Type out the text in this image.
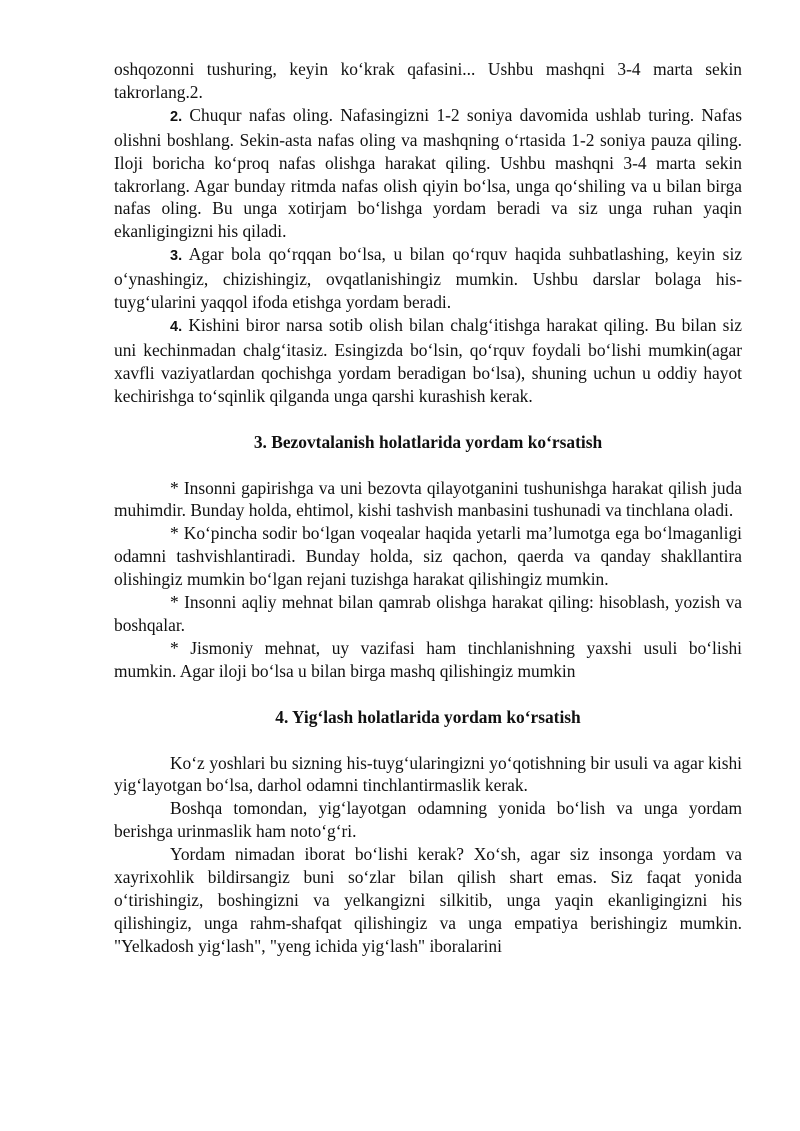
oshqozonni tushuring, keyin ko‘krak qafasini... Ushbu mashqni 3-4 marta sekin takrorlang.2.

2. Chuqur nafas oling. Nafasingizni 1-2 soniya davomida ushlab turing. Nafas olishni boshlang. Sekin-asta nafas oling va mashqning o‘rtasida 1-2 soniya pauza qiling. Iloji boricha ko‘proq nafas olishga harakat qiling. Ushbu mashqni 3-4 marta sekin takrorlang. Agar bunday ritmda nafas olish qiyin bo‘lsa, unga qo‘shiling va u bilan birga nafas oling. Bu unga xotirjam bo‘lishga yordam beradi va siz unga ruhan yaqin ekanligingizni his qiladi.

3. Agar bola qo‘rqqan bo‘lsa, u bilan qo‘rquv haqida suhbatlashing, keyin siz o‘ynashingiz, chizishingiz, ovqatlanishingiz mumkin. Ushbu darslar bolaga his-tuyg‘ularini yaqqol ifoda etishga yordam beradi.

4. Kishini biror narsa sotib olish bilan chalg‘itishga harakat qiling. Bu bilan siz uni kechinmadan chalg‘itasiz. Esingizda bo‘lsin, qo‘rquv foydali bo‘lishi mumkin(agar xavfli vaziyatlardan qochishga yordam beradigan bo‘lsa), shuning uchun u oddiy hayot kechirishga to‘sqinlik qilganda unga qarshi kurashish kerak.

3. Bezovtalanish holatlarida yordam ko‘rsatish

* Insonni gapirishga va uni bezovta qilayotganini tushunishga harakat qilish juda muhimdir. Bunday holda, ehtimol, kishi tashvish manbasini tushunadi va tinchlana oladi.

* Ko‘pincha sodir bo‘lgan voqealar haqida yetarli ma’lumotga ega bo‘lmaganligi odamni tashvishlantiradi. Bunday holda, siz qachon, qaerda va qanday shakllantira olishingiz mumkin bo‘lgan rejani tuzishga harakat qilishingiz mumkin.

* Insonni aqliy mehnat bilan qamrab olishga harakat qiling: hisoblash, yozish va boshqalar.

* Jismoniy mehnat, uy vazifasi ham tinchlanishning yaxshi usuli bo‘lishi mumkin. Agar iloji bo‘lsa u bilan birga mashq qilishingiz mumkin

4. Yig‘lash holatlarida yordam ko‘rsatish

Ko‘z yoshlari bu sizning his-tuyg‘ularingizni yo‘qotishning bir usuli va agar kishi yig‘layotgan bo‘lsa, darhol odamni tinchlantirmaslik kerak.

Boshqa tomondan, yig‘layotgan odamning yonida bo‘lish va unga yordam berishga urinmaslik ham noto‘g‘ri.

Yordam nimadan iborat bo‘lishi kerak? Xo‘sh, agar siz insonga yordam va xayrixohlik bildirsangiz buni so‘zlar bilan qilish shart emas. Siz faqat yonida o‘tirishingiz, boshingizni va yelkangizni silkitib, unga yaqin ekanligingizni his qilishingiz, unga rahm-shafqat qilishingiz va unga empatiya berishingiz mumkin. "Yelkadosh yig‘lash", "yeng ichida yig‘lash" iboralarini
